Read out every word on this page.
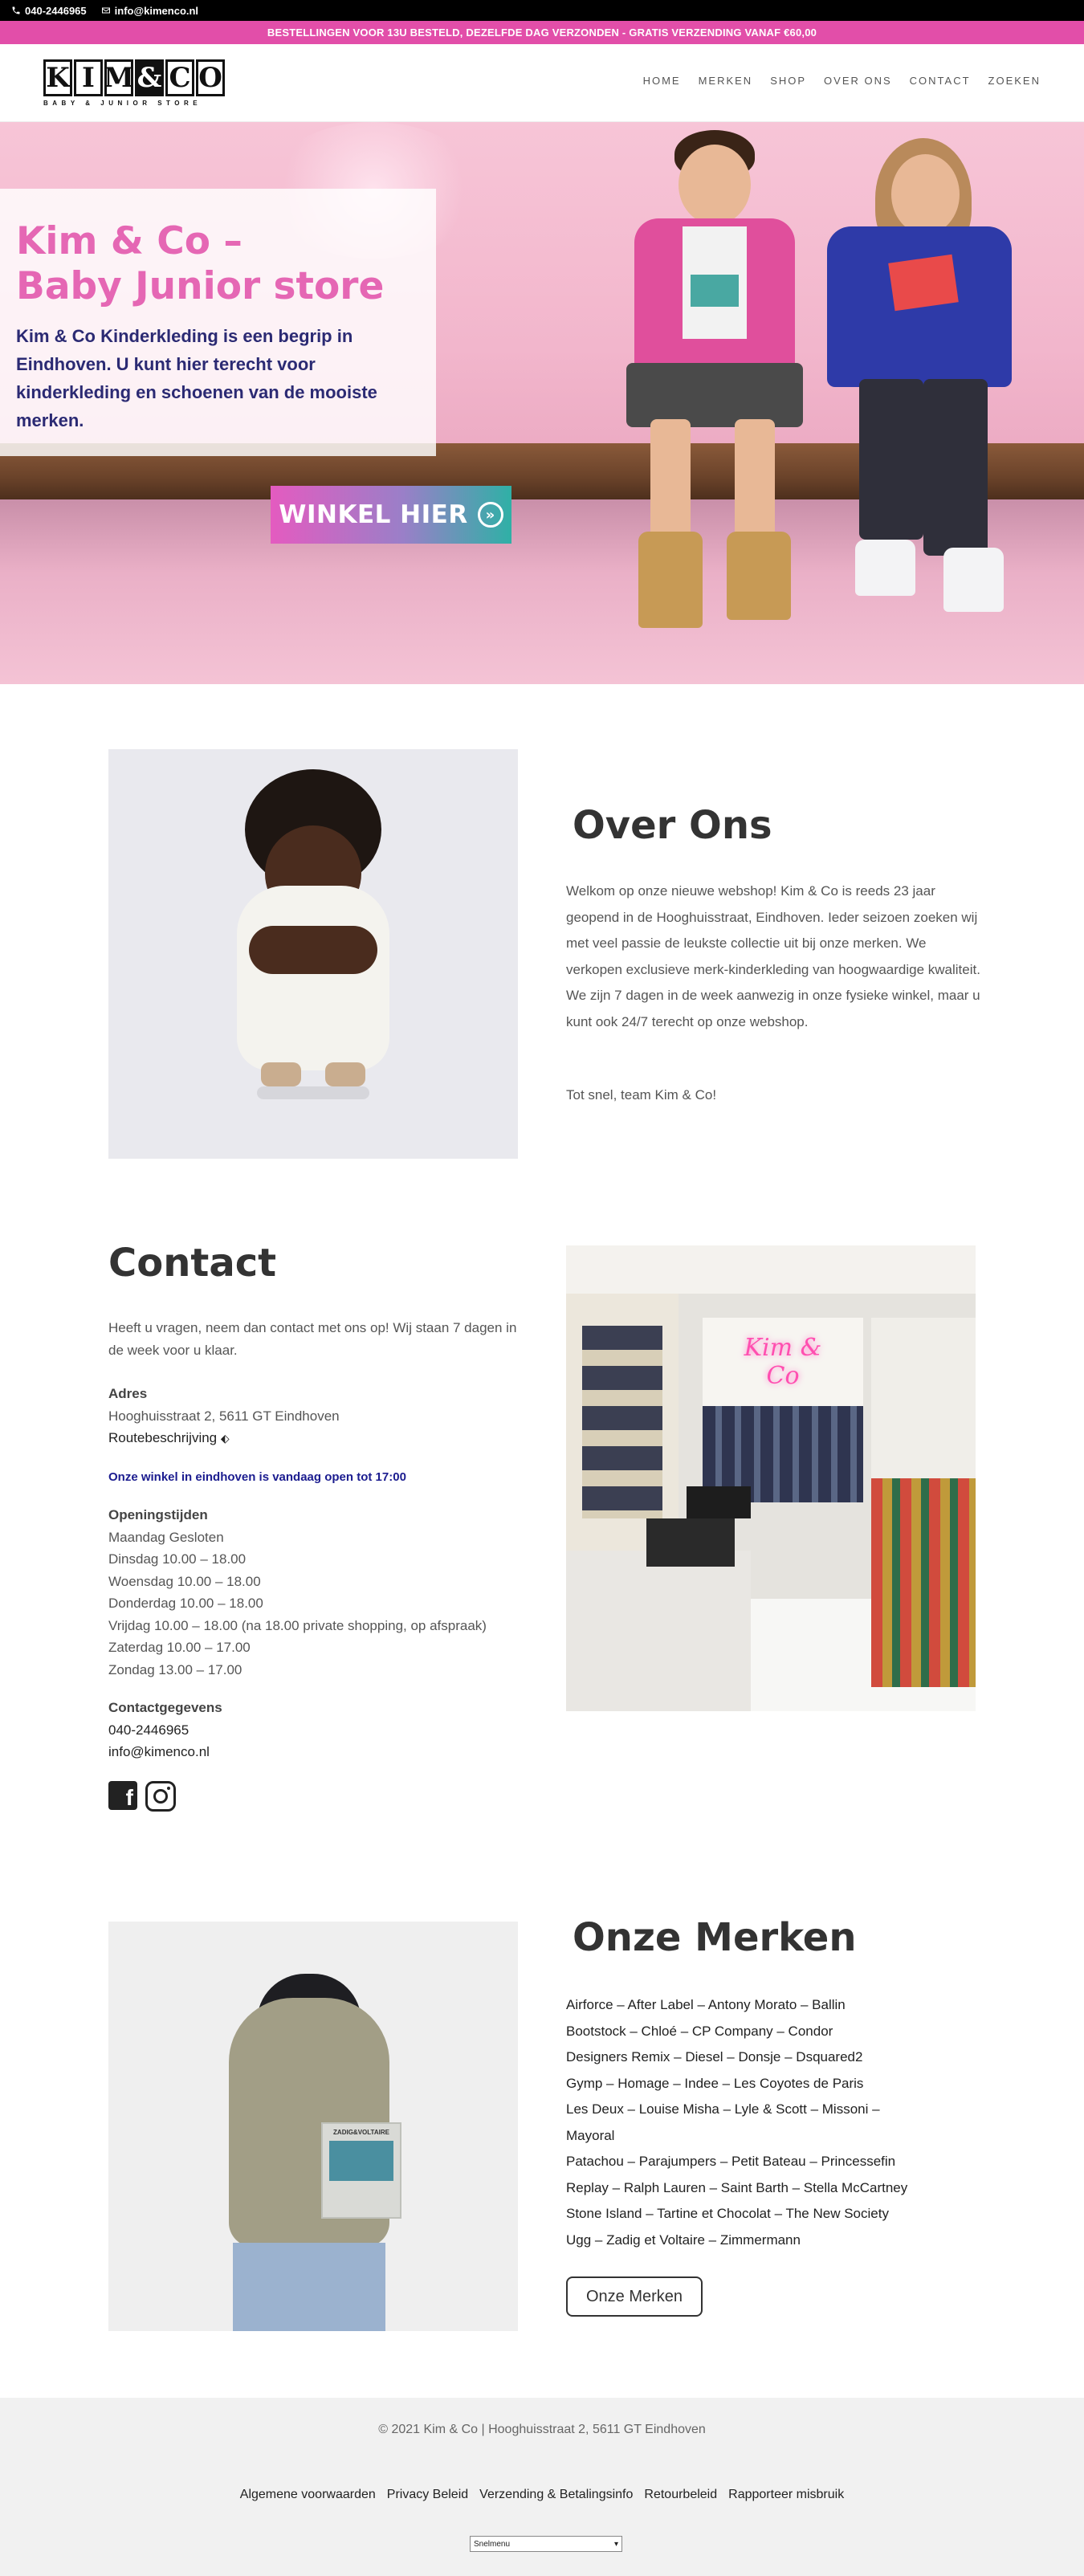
040-2446965	info@kimenco.nl
BESTELLINGEN VOOR 13U BESTELD, DEZELFDE DAG VERZONDEN - GRATIS VERZENDING VANAF €60,00
K I M & C O
BABY & JUNIOR STORE
HOME MERKEN SHOP OVER ONS CONTACT ZOEKEN
Kim & Co –
Baby Junior store

Kim & Co Kinderkleding is een begrip in Eindhoven. U kunt hier terecht voor kinderkleding en schoenen van de mooiste merken.

WINKEL HIER	»
Over Ons
Welkom op onze nieuwe webshop! Kim & Co is reeds 23 jaar geopend in de Hooghuisstraat, Eindhoven. Ieder seizoen zoeken wij met veel passie de leukste collectie uit bij onze merken. We verkopen exclusieve merk-kinderkleding van hoogwaardige kwaliteit. We zijn 7 dagen in de week aanwezig in onze fysieke winkel, maar u kunt ook 24/7 terecht op onze webshop.
Tot snel, team Kim & Co!
Contact
Heeft u vragen, neem dan contact met ons op! Wij staan 7 dagen in de week voor u klaar.
Adres
Hooghuisstraat 2, 5611 GT Eindhoven
Routebeschrijving ⬖
Onze winkel in eindhoven is vandaag open tot 17:00
Openingstijden
Maandag Gesloten
Dinsdag 10.00 – 18.00
Woensdag 10.00 – 18.00
Donderdag 10.00 – 18.00
Vrijdag 10.00 – 18.00 (na 18.00 private shopping, op afspraak)
Zaterdag 10.00 – 17.00
Zondag 13.00 – 17.00
Contactgegevens
040-2446965
info@kimenco.nl
f
Kim & Co
ZADIG&VOLTAIRE
Onze Merken
Airforce – After Label – Antony Morato – Ballin
Bootstock – Chloé – CP Company – Condor
Designers Remix – Diesel – Donsje – Dsquared2
Gymp – Homage – Indee – Les Coyotes de Paris
Les Deux – Louise Misha – Lyle & Scott – Missoni –
Mayoral
Patachou – Parajumpers – Petit Bateau – Princessefin
Replay – Ralph Lauren – Saint Barth – Stella McCartney
Stone Island – Tartine et Chocolat – The New Society
Ugg – Zadig et Voltaire – Zimmermann
Onze Merken
© 2021 Kim & Co | Hooghuisstraat 2, 5611 GT Eindhoven
Algemene voorwaarden Privacy Beleid Verzending & Betalingsinfo Retourbeleid Rapporteer misbruik
Snelmenu	▾
